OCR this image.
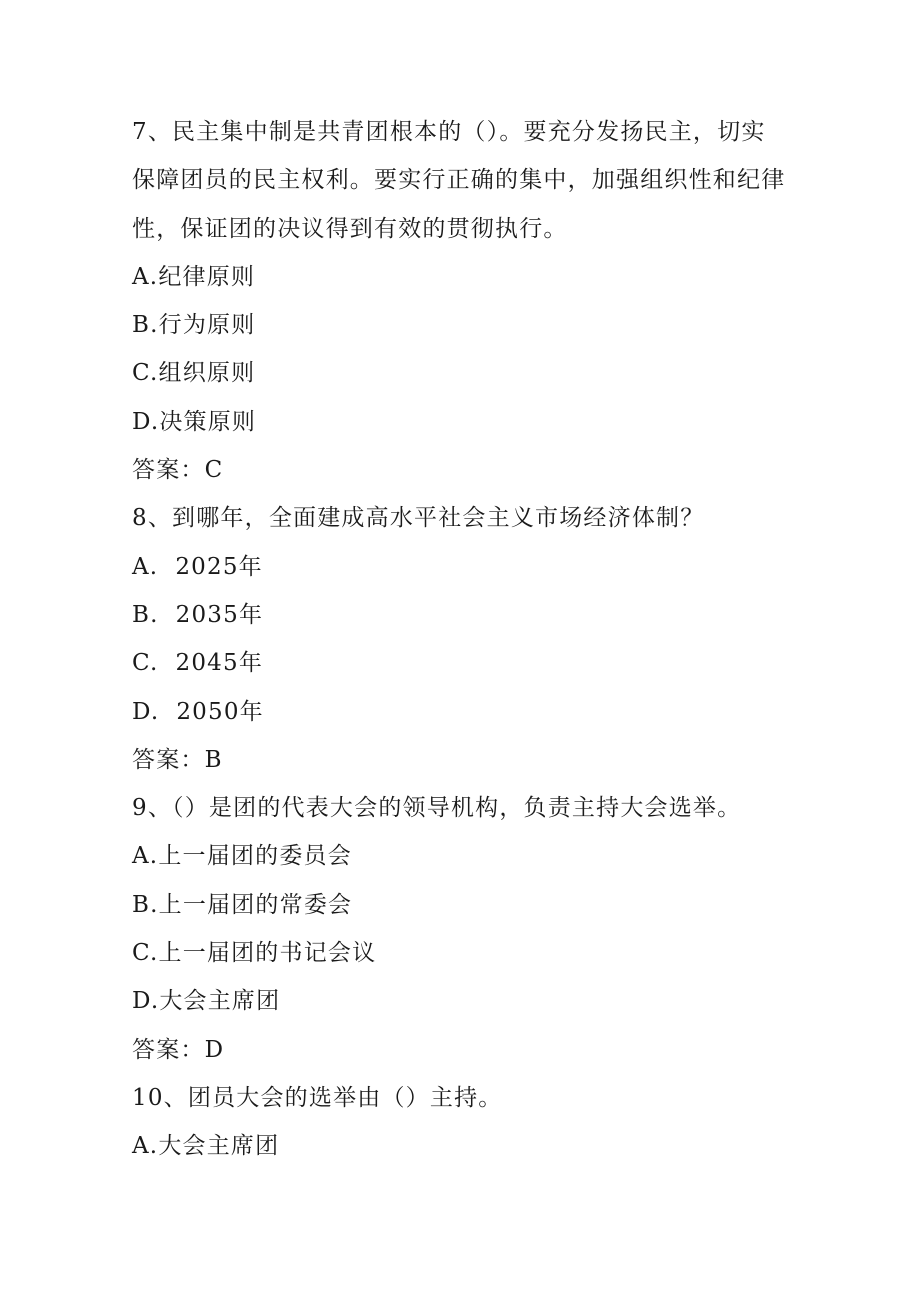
7、民主集中制是共青团根本的（）。要充分发扬民主，切实保障团员的民主权利。要实行正确的集中，加强组织性和纪律性，保证团的决议得到有效的贯彻执行。
A.纪律原则
B.行为原则
C.组织原则
D.决策原则
答案：C
8、到哪年，全面建成高水平社会主义市场经济体制？
A.  2025年
B.  2035年
C.  2045年
D.  2050年
答案：B
9、（）是团的代表大会的领导机构，负责主持大会选举。
A.上一届团的委员会
B.上一届团的常委会
C.上一届团的书记会议
D.大会主席团
答案：D
10、团员大会的选举由（）主持。
A.大会主席团
